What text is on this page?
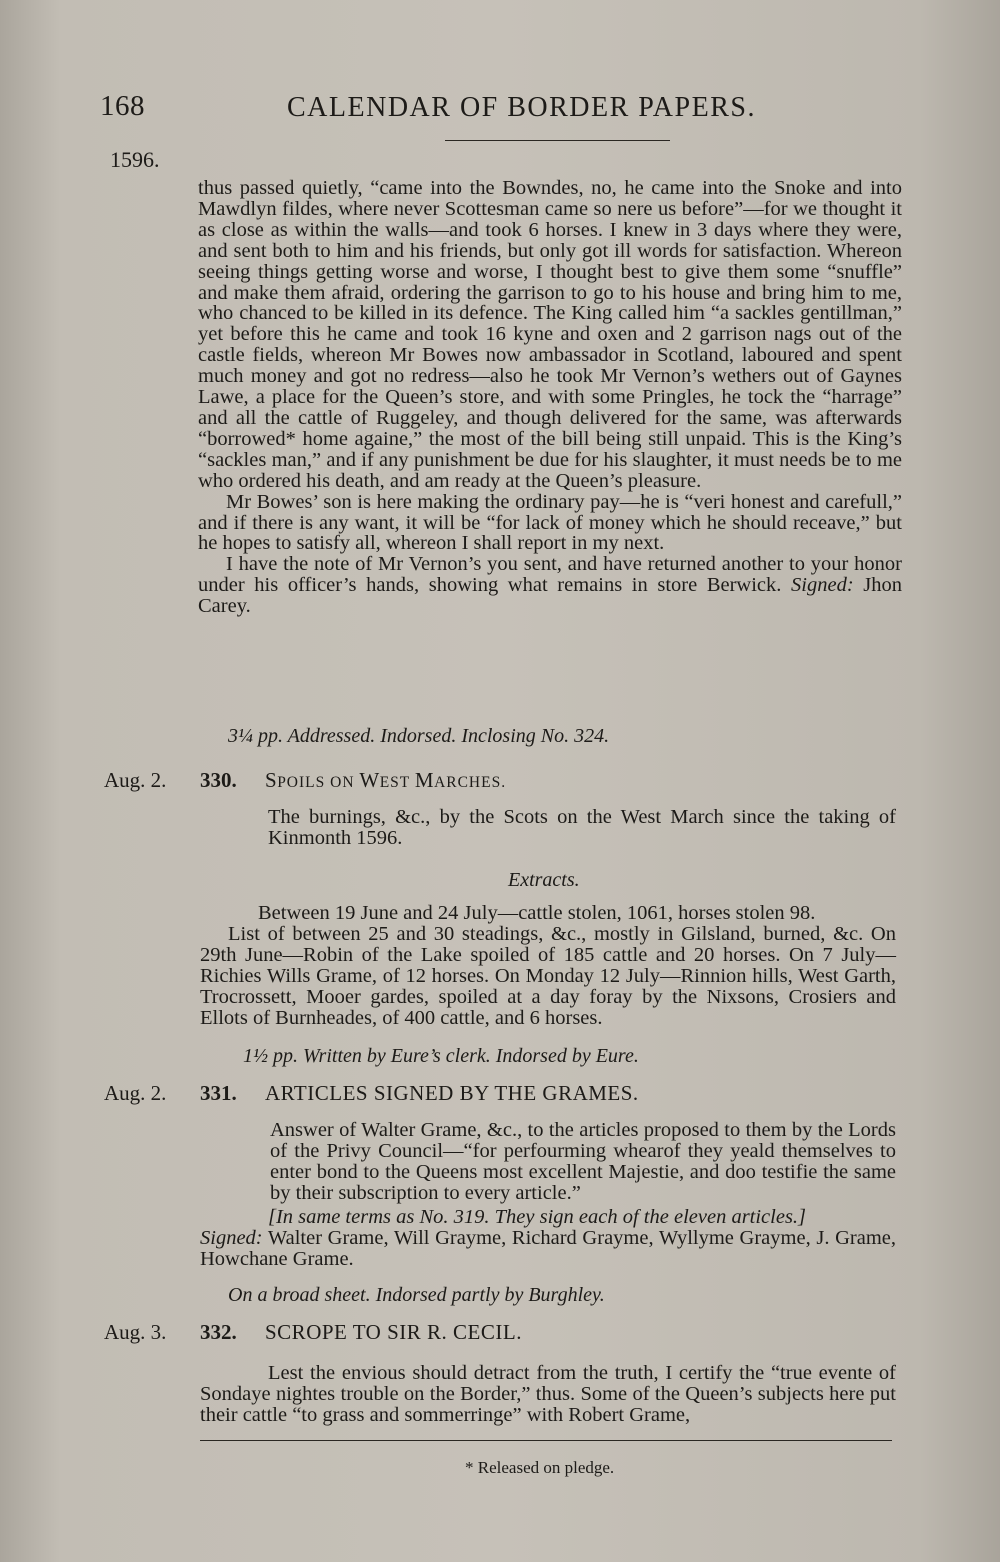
168	CALENDAR OF BORDER PAPERS.
1596.

thus passed quietly, “came into the Bowndes, no, he came into the Snoke and into Mawdlyn fildes, where never Scottesman came so nere us before”—for we thought it as close as within the walls—and took 6 horses. I knew in 3 days where they were, and sent both to him and his friends, but only got ill words for satisfaction. Whereon seeing things getting worse and worse, I thought best to give them some “snuffle” and make them afraid, ordering the garrison to go to his house and bring him to me, who chanced to be killed in its defence. The King called him “a sackles gentillman,” yet before this he came and took 16 kyne and oxen and 2 garrison nags out of the castle fields, whereon Mr Bowes now ambassador in Scotland, laboured and spent much money and got no redress—also he took Mr Vernon’s wethers out of Gaynes Lawe, a place for the Queen’s store, and with some Pringles, he tock the “harrage” and all the cattle of Ruggeley, and though delivered for the same, was afterwards “borrowed* home againe,” the most of the bill being still unpaid. This is the King’s “sackles man,” and if any punishment be due for his slaughter, it must needs be to me who ordered his death, and am ready at the Queen’s pleasure.

Mr Bowes’ son is here making the ordinary pay—he is “veri honest and carefull,” and if there is any want, it will be “for lack of money which he should receave,” but he hopes to satisfy all, whereon I shall report in my next.

I have the note of Mr Vernon’s you sent, and have returned another to your honor under his officer’s hands, showing what remains in store Berwick. Signed: Jhon Carey.

3¼ pp. Addressed. Indorsed. Inclosing No. 324.
Aug. 2. 330. SPOILS ON WEST MARCHES.
The burnings, &c., by the Scots on the West March since the taking of Kinmonth 1596.
Extracts.

Between 19 June and 24 July—cattle stolen, 1061, horses stolen 98.

List of between 25 and 30 steadings, &c., mostly in Gilsland, burned, &c. On 29th June—Robin of the Lake spoiled of 185 cattle and 20 horses. On 7 July—Richies Wills Grame, of 12 horses. On Monday 12 July—Rinnion hills, West Garth, Trocrossett, Mooer gardes, spoiled at a day foray by the Nixsons, Crosiers and Ellots of Burnheades, of 400 cattle, and 6 horses.

1½ pp. Written by Eure’s clerk. Indorsed by Eure.
Aug. 2. 331. ARTICLES SIGNED BY THE GRAMES.
Answer of Walter Grame, &c., to the articles proposed to them by the Lords of the Privy Council—“for perfourming whearof they yeald themselves to enter bond to the Queens most excellent Majestie, and doo testifie the same by their subscription to every article.”
[In same terms as No. 319. They sign each of the eleven articles.]
Signed: Walter Grame, Will Grayme, Richard Grayme, Wyllyme Grayme, J. Grame, Howchane Grame.
On a broad sheet. Indorsed partly by Burghley.
Aug. 3. 332. SCROPE TO SIR R. CECIL.

Lest the envious should detract from the truth, I certify the “true evente of Sondaye nightes trouble on the Border,” thus. Some of the Queen’s subjects here put their cattle “to grass and sommerringe” with Robert Grame,

* Released on pledge.
